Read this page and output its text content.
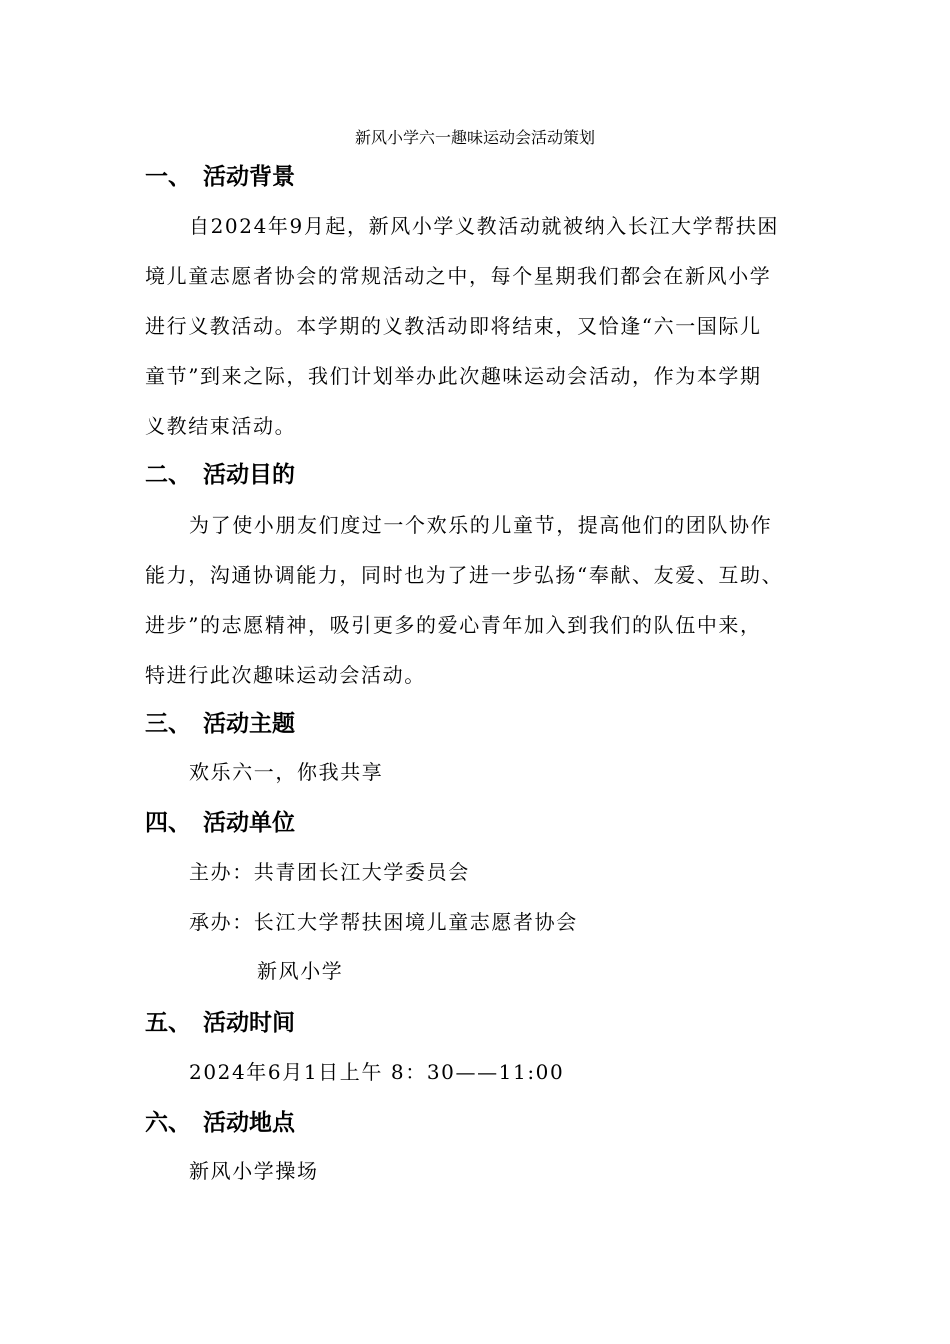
新风小学六一趣味运动会活动策划
一、 活动背景
自2024年9月起，新风小学义教活动就被纳入长江大学帮扶困
境儿童志愿者协会的常规活动之中，每个星期我们都会在新风小学
进行义教活动。本学期的义教活动即将结束，又恰逢“六一国际儿
童节”到来之际，我们计划举办此次趣味运动会活动，作为本学期
义教结束活动。
二、 活动目的
为了使小朋友们度过一个欢乐的儿童节，提高他们的团队协作
能力，沟通协调能力，同时也为了进一步弘扬“奉献、友爱、互助、
进步”的志愿精神，吸引更多的爱心青年加入到我们的队伍中来，
特进行此次趣味运动会活动。
三、 活动主题
欢乐六一，你我共享
四、 活动单位
主办：共青团长江大学委员会
承办：长江大学帮扶困境儿童志愿者协会
新风小学
五、 活动时间
2024年6月1日上午 8：30——11:00
六、 活动地点
新风小学操场
